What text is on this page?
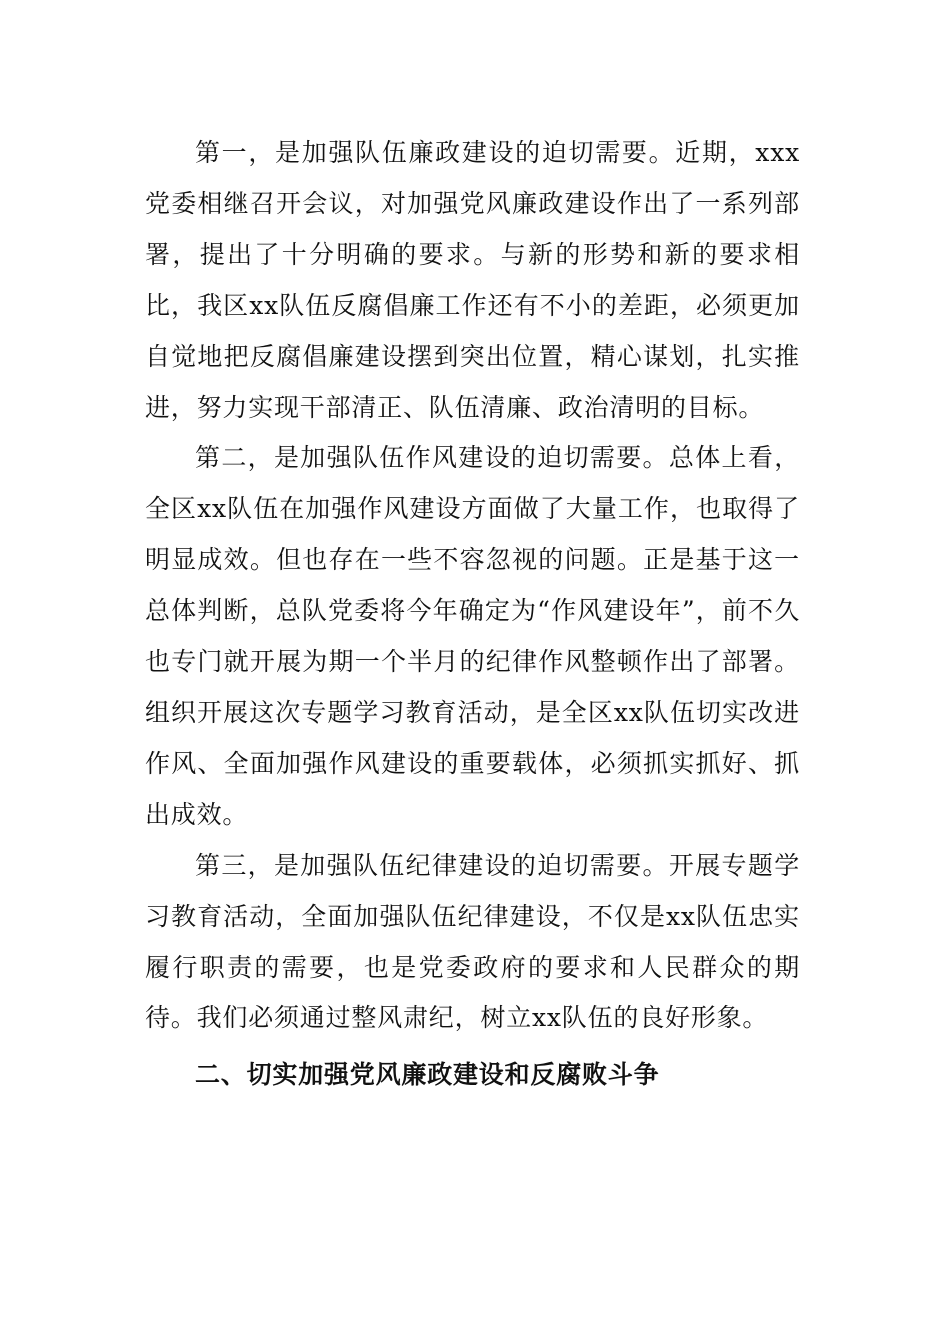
第一，是加强队伍廉政建设的迫切需要。近期，xxx党委相继召开会议，对加强党风廉政建设作出了一系列部署，提出了十分明确的要求。与新的形势和新的要求相比，我区xx队伍反腐倡廉工作还有不小的差距，必须更加自觉地把反腐倡廉建设摆到突出位置，精心谋划，扎实推进，努力实现干部清正、队伍清廉、政治清明的目标。

第二，是加强队伍作风建设的迫切需要。总体上看，全区xx队伍在加强作风建设方面做了大量工作，也取得了明显成效。但也存在一些不容忽视的问题。正是基于这一总体判断，总队党委将今年确定为“作风建设年”，前不久也专门就开展为期一个半月的纪律作风整顿作出了部署。组织开展这次专题学习教育活动，是全区xx队伍切实改进作风、全面加强作风建设的重要载体，必须抓实抓好、抓出成效。

第三，是加强队伍纪律建设的迫切需要。开展专题学习教育活动，全面加强队伍纪律建设，不仅是xx队伍忠实履行职责的需要，也是党委政府的要求和人民群众的期待。我们必须通过整风肃纪，树立xx队伍的良好形象。

二、切实加强党风廉政建设和反腐败斗争
